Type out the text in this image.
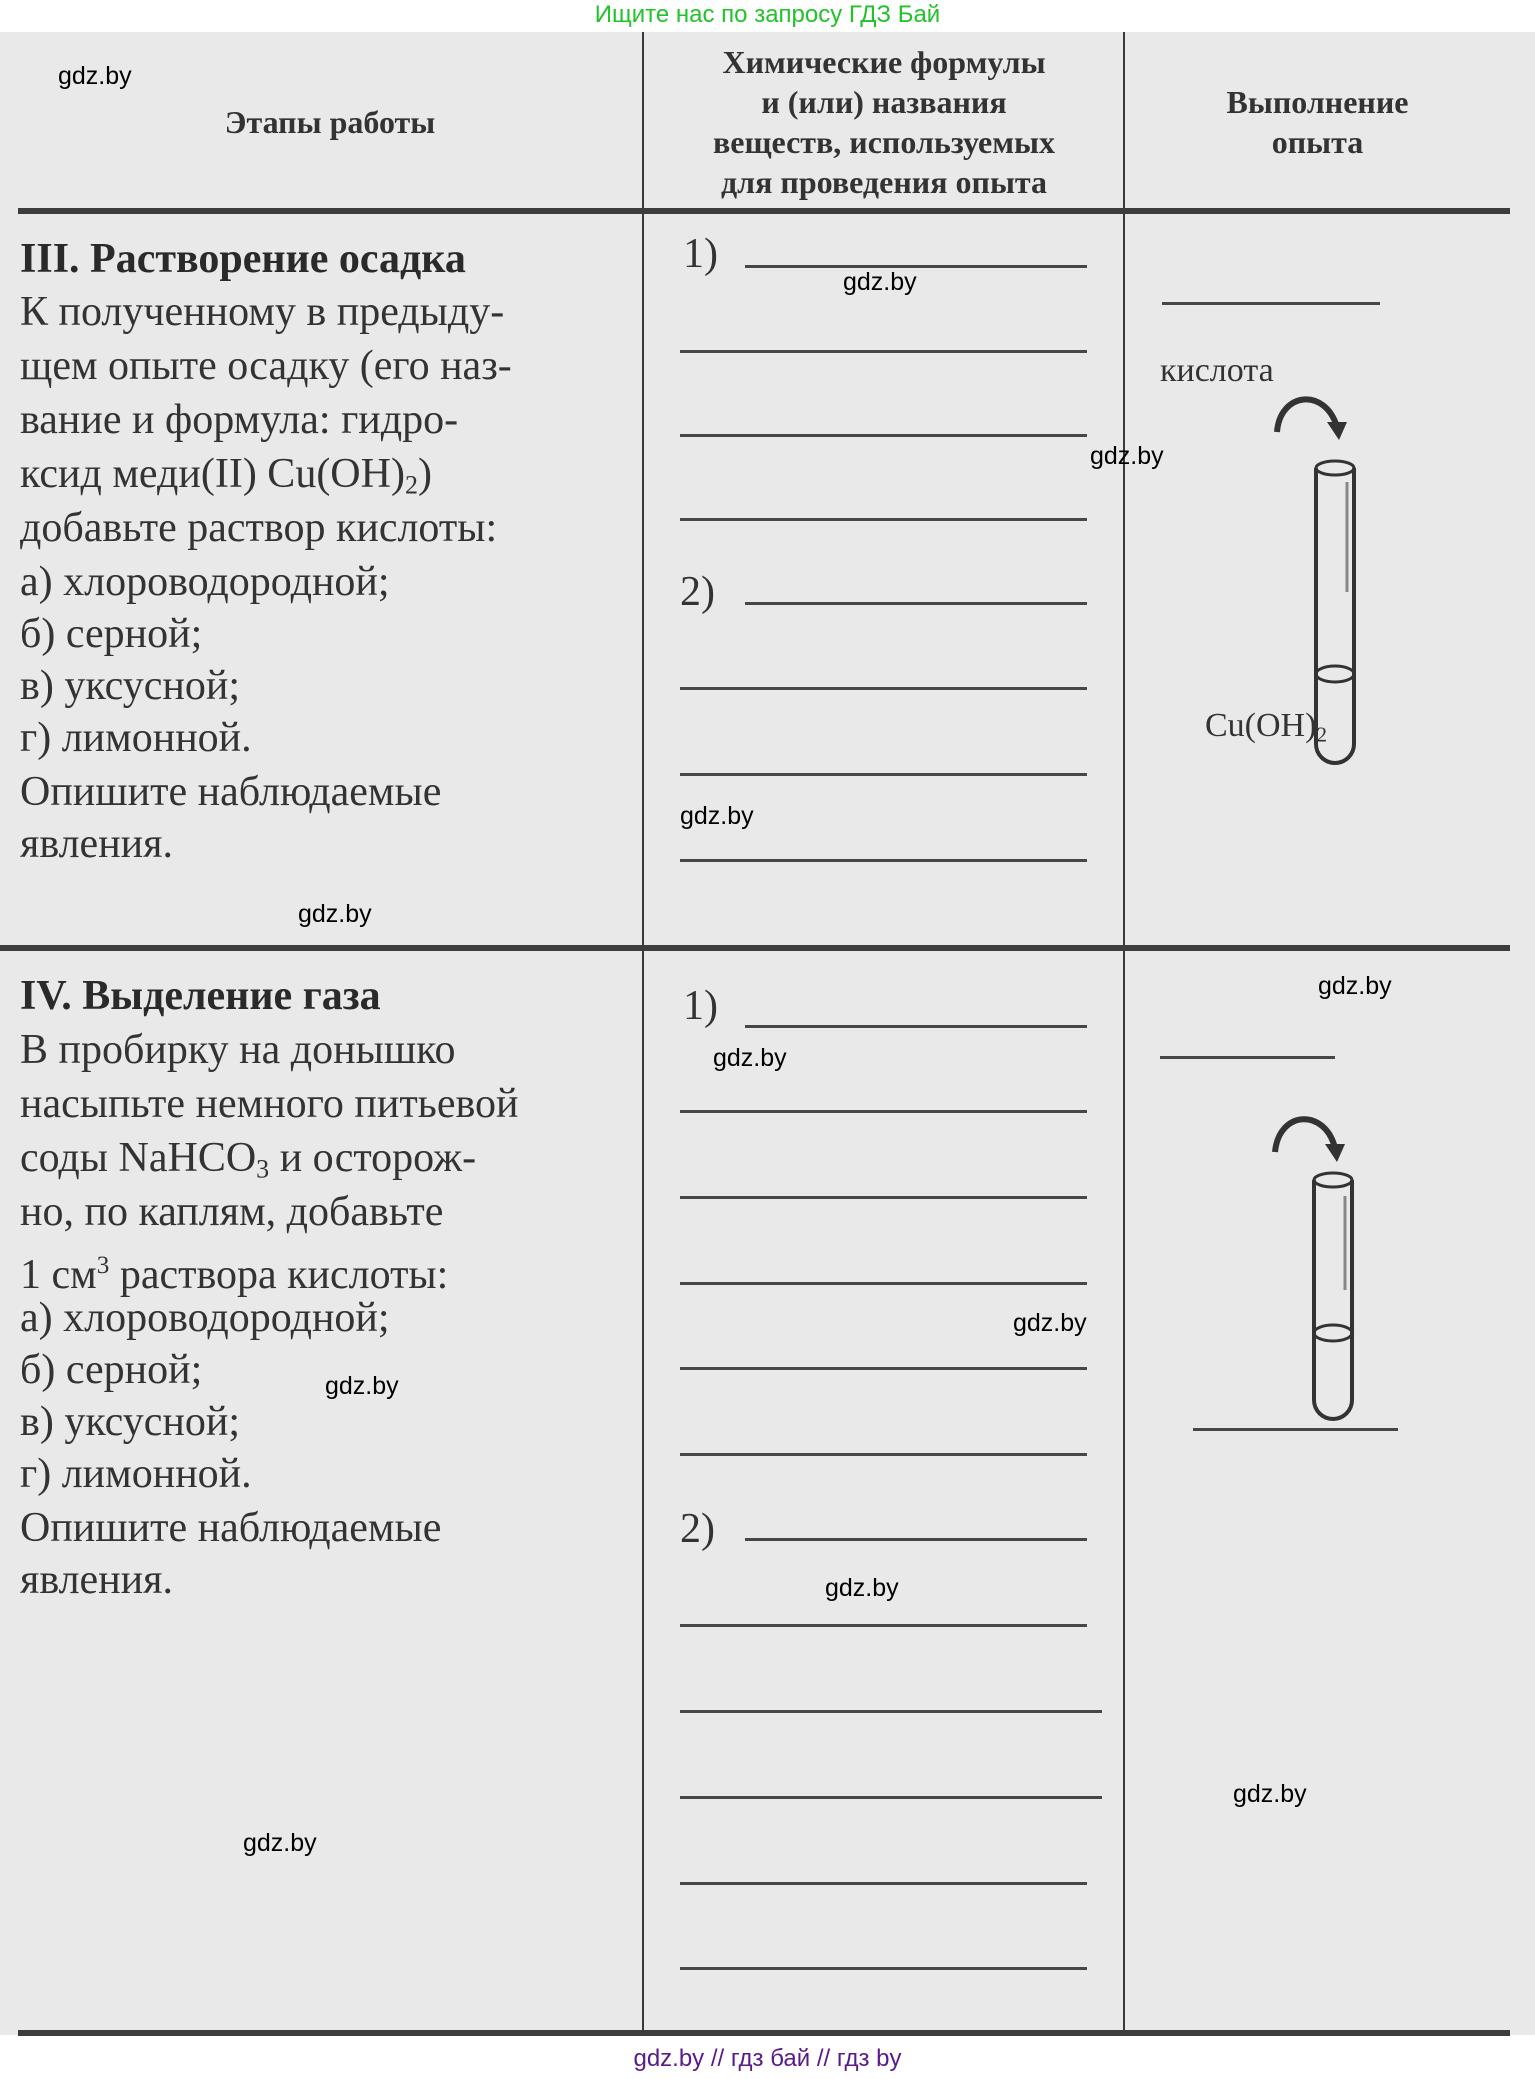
Ищите нас по запросу ГДЗ Бай
Этапы работы
Химические формулы
и (или) названия
веществ, используемых
для проведения опыта
Выполнение
опыта
gdz.by
III. Растворение осадка
К полученному в предыду-
щем опыте осадку (его наз-
вание и формула: гидро-
ксид меди(II) $Cu(OH)_2$)
добавьте раствор кислоты:
а) хлороводородной;
б) серной;
в) уксусной;
г) лимонной.
Опишите наблюдаемые
явления.
gdz.by
1)
gdz.by
2)
gdz.by
кислота
gdz.by
$Cu(OH)_2$
IV. Выделение газа
В пробирку на донышко
насыпьте немного питьевой
соды NaHCO$_3$ и осторож-
но, по каплям, добавьте
1 $см^3$ раствора кислоты:
а) хлороводородной;
б) серной;
в) уксусной;
г) лимонной.
Опишите наблюдаемые
явления.
gdz.by
gdz.by
1)
gdz.by
gdz.by
2)
gdz.by
gdz.by
gdz.by
gdz.by // гдз бай // гдз by
